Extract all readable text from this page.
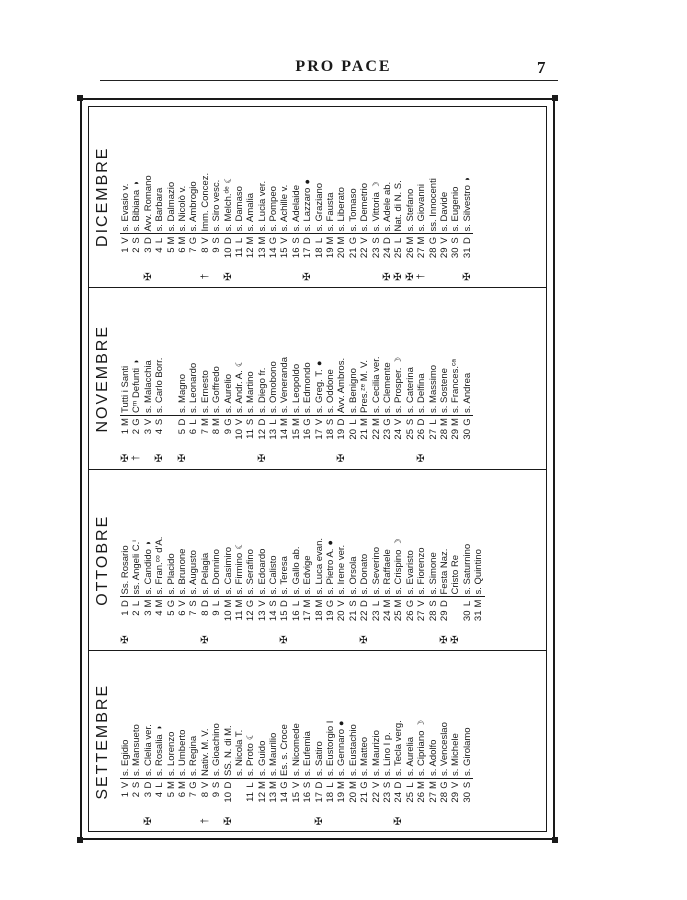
PRO PACE	7
SETTEMBRE 1
V
s. Egidio
2
S
s. Mansueto
✠
3
D
s. Clelia ver.
4
L
s. Rosalia
◑
5
M
s. Lorenzo
6
M
s. Umberto
7
G
s. Regina
†
8
V
Nativ. M. V.
9
S
s. Gioachino
✠
10
D
SS. N. di M. s. Nicola T.
11
L
s. Proto
☾
12
M
s. Guido
13
M
s. Maurilio
14
G
Es. s. Croce
15
V
s. Nicomede
16
S
s. Eufemia
✠
17
D
s. Satiro
18
L
s. Eustorgio I
19
M
s. Gennaro
●
20
M
s. Eustachio
21
G
s. Matteo
22
V
s. Maurizio
23
S
s. Lino I p.
✠
24
D
s. Tecla verg.
25
L
s. Aurelia
26
M
s. Cipriano
☽
27
M
s. Adolfo
28
G
s. Venceslao
29
V
s. Michele
30
S
s. Girolamo
OTTOBRE
✠
1
D
Ss. Rosario
2
L
ss. Angeli C.ⁱ
3
M
s. Candido
◑
4
M
s. Fran.ᶜᵒ d'A.
5
G
s. Placido
6
V
s. Brunone
7
S
s. Augusto
✠
8
D
s. Pelagia
9
L
s. Donnino
10
M
s. Casimiro
11
M
s. Firmino
☾
12
G
s. Serafino
13
V
s. Edoardo
14
S
s. Calisto
✠
15
D
s. Teresa
16
L
s. Gallo ab.
17
M
s. Edvige
18
M
s. Luca evan.
19
G
s. Pietro A.
●
20
V
s. Irene ver.
21
S
s. Orsola
✠
22
D
s. Donato
23
L
s. Severino
24
M
s. Raffaele
25
M
s. Crispino
☽
26
G
s. Evaristo
27
V
s. Fiorenzo
28
S
s. Simone
✠
29
D
Festa Naz.
✠
Cristo Re
30
L
s. Saturnino
31
M
s. Quintino
NOVEMBRE
✠
1
M
Tutti i Santi
†
2
G
Cᵐ Defunti
◑
3
V
s. Malacchia
✠
4
S
s. Carlo Borr.
✠
5
D
s. Magno
6
L
s. Leonardo
7
M
s. Ernesto
8
M
s. Goffredo
9
G
s. Aurelio
10
V
s. Andr. A.
☾
11
S
s. Martino
✠
12
D
s. Diego fr.
13
L
s. Omobono
14
M
s. Veneranda
15
M
s. Leopoldo
16
G
s. Edmondo
17
V
s. Greg. T.
●
18
S
s. Oddone
✠
19
D
Avv. Ambros.
20
L
s. Benigno
21
M
Pres.ᶻᵉ M. V.
22
M
s. Cecilia ver.
23
G
s. Clemente
24
V
s. Prosper.
☽
25
S
s. Caterina
✠
26
D
s. Delfina
27
L
s. Massimo
28
M
s. Sostene
29
M
s. Frances.ᶜᵃ
30
G
s. Andrea
DICEMBRE
1
V
s. Evasio v.
2
S
s. Bibiana
◑
✠
3
D
Avv. Romano
4
L
s. Barbara
5
M
s. Dalmazio
6
M
s. Nicolò v.
7
G
s. Ambrogio
†
8
V
Imm. Concez.
9
S
s. Siro vesc.
✠
10
D
s. Melch.ᵈᵉ
☾
11
L
s. Damaso
12
M
s. Amalia
13
M
s. Lucia ver.
14
G
s. Pompeo
15
V
s. Achille v.
16
S
s. Adelaide
✠
17
D
s. Lazzaro
●
18
L
s. Graziano
19
M
s. Fausta
20
M
s. Liberato
21
G
s. Tomaso
22
V
s. Demetrio
23
S
s. Vittoria
☽
✠
24
D
s. Adele ab.
✠
25
L
Nat. di N. S.
✠
26
M
s. Stefano
†
27
M
s. Giovanni
28
G
ss. Innocenti
29
V
s. Davide
30
S
s. Eugenio
✠
31
D
s. Silvestro
◑
